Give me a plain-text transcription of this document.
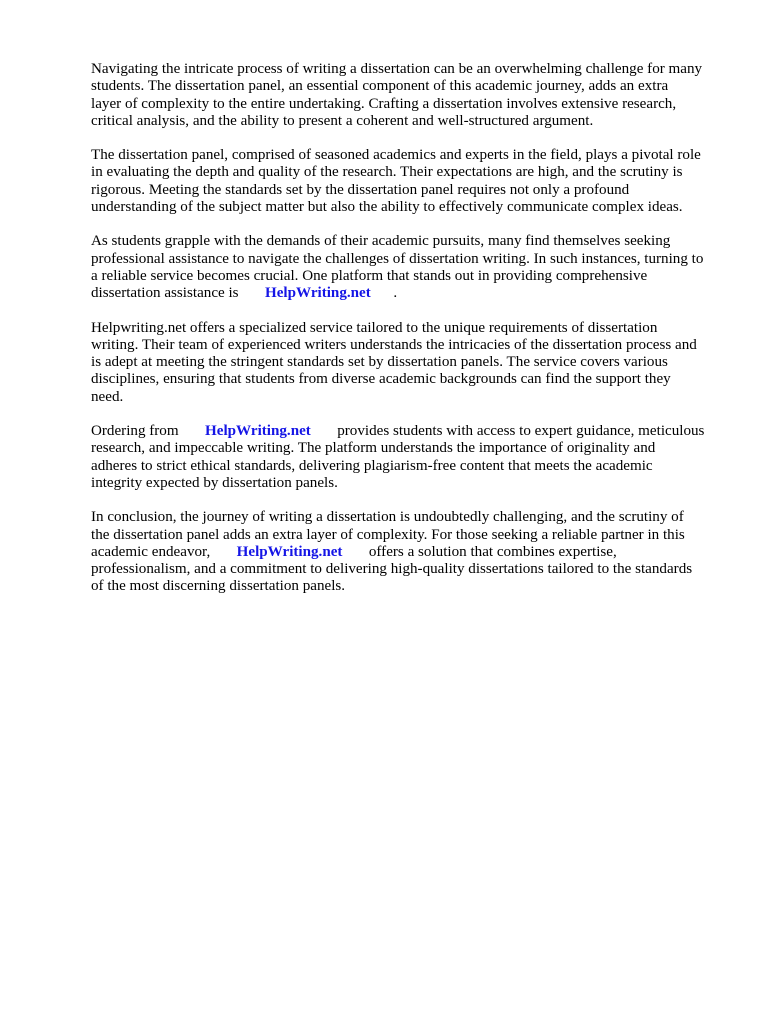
Navigating the intricate process of writing a dissertation can be an overwhelming challenge for many
students. The dissertation panel, an essential component of this academic journey, adds an extra
layer of complexity to the entire undertaking. Crafting a dissertation involves extensive research,
critical analysis, and the ability to present a coherent and well-structured argument.

The dissertation panel, comprised of seasoned academics and experts in the field, plays a pivotal role
in evaluating the depth and quality of the research. Their expectations are high, and the scrutiny is
rigorous. Meeting the standards set by the dissertation panel requires not only a profound
understanding of the subject matter but also the ability to effectively communicate complex ideas.

As students grapple with the demands of their academic pursuits, many find themselves seeking
professional assistance to navigate the challenges of dissertation writing. In such instances, turning to
a reliable service becomes crucial. One platform that stands out in providing comprehensive
dissertation assistance is       HelpWriting.net      .

Helpwriting.net offers a specialized service tailored to the unique requirements of dissertation
writing. Their team of experienced writers understands the intricacies of the dissertation process and
is adept at meeting the stringent standards set by dissertation panels. The service covers various
disciplines, ensuring that students from diverse academic backgrounds can find the support they
need.

Ordering from       HelpWriting.net       provides students with access to expert guidance, meticulous
research, and impeccable writing. The platform understands the importance of originality and
adheres to strict ethical standards, delivering plagiarism-free content that meets the academic
integrity expected by dissertation panels.

In conclusion, the journey of writing a dissertation is undoubtedly challenging, and the scrutiny of
the dissertation panel adds an extra layer of complexity. For those seeking a reliable partner in this
academic endeavor,       HelpWriting.net       offers a solution that combines expertise,
professionalism, and a commitment to delivering high-quality dissertations tailored to the standards
of the most discerning dissertation panels.
